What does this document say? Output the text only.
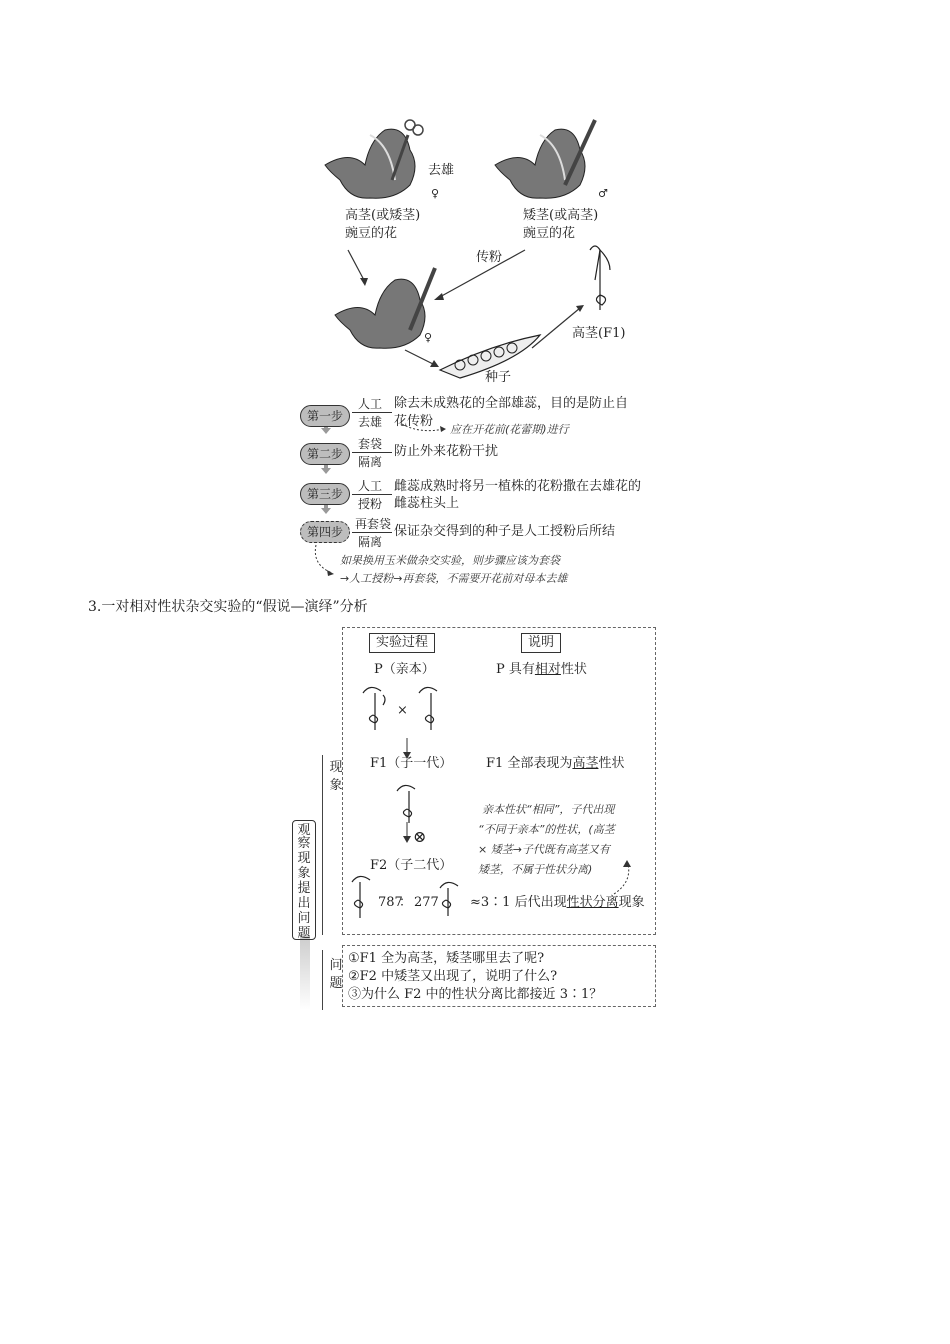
去雄
♀	♂
高茎(或矮茎)
豌豆的花
矮茎(或高茎)
豌豆的花
传粉
♀
种子
高茎(F1)
第一步
人工
去雄
除去未成熟花的全部雄蕊，目的是防止自
花传粉
应在开花前(花蕾期)进行
第二步
套袋
隔离
防止外来花粉干扰
第三步
人工
授粉
雌蕊成熟时将另一植株的花粉撒在去雄花的
雌蕊柱头上
第四步
再套袋
隔离
保证杂交得到的种子是人工授粉后所结
如果换用玉米做杂交实验，则步骤应该为套袋
→人工授粉→再套袋，不需要开花前对母本去雄
3.一对相对性状杂交实验的“假说—演绎”分析
实验过程	说明
P（亲本）	P 具有相对性状
×
F1（子一代）	F1 全部表现为高茎性状
⊗
F2（子二代）
787
： 277 ≈3∶1 后代出现性状分离现象
亲本性状“相同”，子代出现
“不同于亲本”的性状，(高茎
× 矮茎→子代既有高茎又有
矮茎，不属于性状分离)
现
象
问
题
观
察
现
象
提
出
问
题
①F1 全为高茎，矮茎哪里去了呢?
②F2 中矮茎又出现了，说明了什么?
③为什么 F2 中的性状分离比都接近 3∶1？
